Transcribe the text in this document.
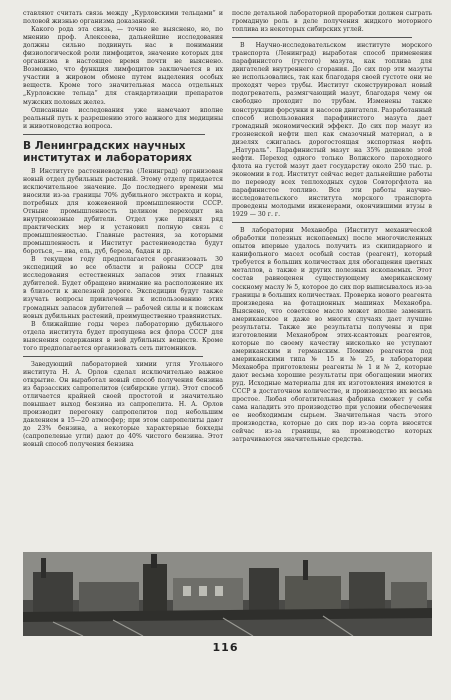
ставляют считать связь между „Курловскими тельцами“ и половой жизнью организма доказанной.

Какого рода эта связь, — точно не выяснено, но, по мнению проф. Алексеева, дальнейшие исследования должны сильно подвинуть нас в понимании физиологической роли лимфоцитов, значение которых для организма в настоящее время почти не выяснено. Возможно, что функция лимфоцитов заключается в их участии в жировом обмене путем выделения особых веществ. Кроме того значительная масса отдельных „Курловские тельца“ для стандартизации препаратов мужских половых желез.

Описанные исследования уже намечают вполне реальный путь к разрешению этого важного для медицины и животноводства вопроса.

В Ленинградских научных институтах и лабораториях

В Институте растениеводства (Ленинград) организован новый отдел дубильных растений. Этому отделу придается исключительное значение. До последнего времени мы вносили из-за границы 70% дубильного экстракта и коры, потребных для кожевенной промышленности СССР. Отныне промышленность целиком переходит на внутрисоюзные дубители. Отдел уже принял ряд практических мер и установил полную связь с промышленностью. Главные растения, за которыми промышленность и Институт растениеводства будут бороться, — ива, ель, дуб, береза, бадан и др.

В текущем году предполагается организовать 30 экспедиций во все области и районы СССР для исследования естественных запасов этих главных дубителей. Будет обращено внимание на расположение их в близости к железной дороге. Экспедиции будут также изучать вопросы привлечения к использованию этих громадных запасов дубителей — рабочей силы и к поискам новых дубильных растений, преимущественно травянистых.

В ближайшие годы через лабораторию дубильного отдела института будет пропущена вся флора СССР для выяснения содержания в ней дубильных веществ. Кроме того предполагается организовать сеть питомников.

Заведующий лабораторией химии угля Угольного института Н. А. Орлов сделал исключительно важное открытие. Он выработал новый способ получения бензина из барзасских сапропелитов (сибирские угли). Этот способ отличается крайней своей простотой и значительно повышает выход бензина из сапропелита. Н. А. Орлов производит перегонку сапропелитов под небольшим давлением в 15—20 атмосфер; при этом сапропелиты дают до 23% бензина, а некоторые характерные бокхеды (сапропелевые угли) дают до 40% чистого бензина. Этот новый способ получения бензина

после детальной лабораторной проработки должен сыграть громадную роль в деле получения жидкого моторного топлива из некоторых сибирских углей.

В Научно-исследовательском институте морского транспорта (Ленинград) выработан способ применения парафинистого (густого) мазута, как топлива для двигателей внутреннего сгорания. До сих пор эти мазуты не использовались, так как благодаря своей густоте они не проходят через трубы. Институт сконструировал новый подогреватель, размягчающий мазут, благодаря чему он свободно проходит по трубам. Изменены также конструкции форсунки и насосов двигателя. Разработанный способ использования парафинистого мазута дает громадный экономический эффект. До сих пор мазут из грозненской нефти шел как смазочный материал, а в дизелях сжигалась дорогостоящая экспортная нефть „Натураль“. Парафинистый мазут на 35% дешевле этой нефти. Переход одного только Волжского пароходного флота на густой мазут дает государству около 250 тыс. р. экономии в год. Институт сейчас ведет дальнейшие работы по переводу всех теплоходных судов Совторгфлота на парафинистое топливо. Все эти работы научно-исследовательского института морского транспорта проведены молодыми инженерами, окончившими втузы в 1929 — 30 г. г.

В лаборатории Механобра (Институт механической обработки полезных ископаемых) после многочисленных опытов впервые удалось получить из скипидарного и канифольного масел особый состав (реагент), который требуется в больших количествах для обогащения цветных металлов, а также и других полезных ископаемых. Этот состав равноценен существующему американскому соскному маслу № 5, которое до сих пор выписывалось из-за границы в больших количествах. Проверка нового реагента произведена на фотационных машинах Механобра. Выяснено, что советское масло может вполне заменить американское и даже во многих случаях дает лучшие результаты. Также же результаты получены и при изготовлении Механобром этих-ксантовых реагентов, которые по своему качеству нисколько не уступают американским и германским. Помимо реагентов под американскими типа № 15 и № 25, в лаборатории Механобра приготовлены реагенты № 1 и № 2, которые дают весьма хорошие результаты при обогащении многих руд. Исходные материалы для их изготовления имеются в СССР в достаточном количестве, и производство их весьма простое. Любая обогатительная фабрика сможет у себя сама наладить это производство при условии обеспечения ее необходимым сырьем. Значительная часть этого производства, которые до сих пор из-за сорта вносятся сейчас из-за границы, на производство которых затрачиваются значительные средства.

116
